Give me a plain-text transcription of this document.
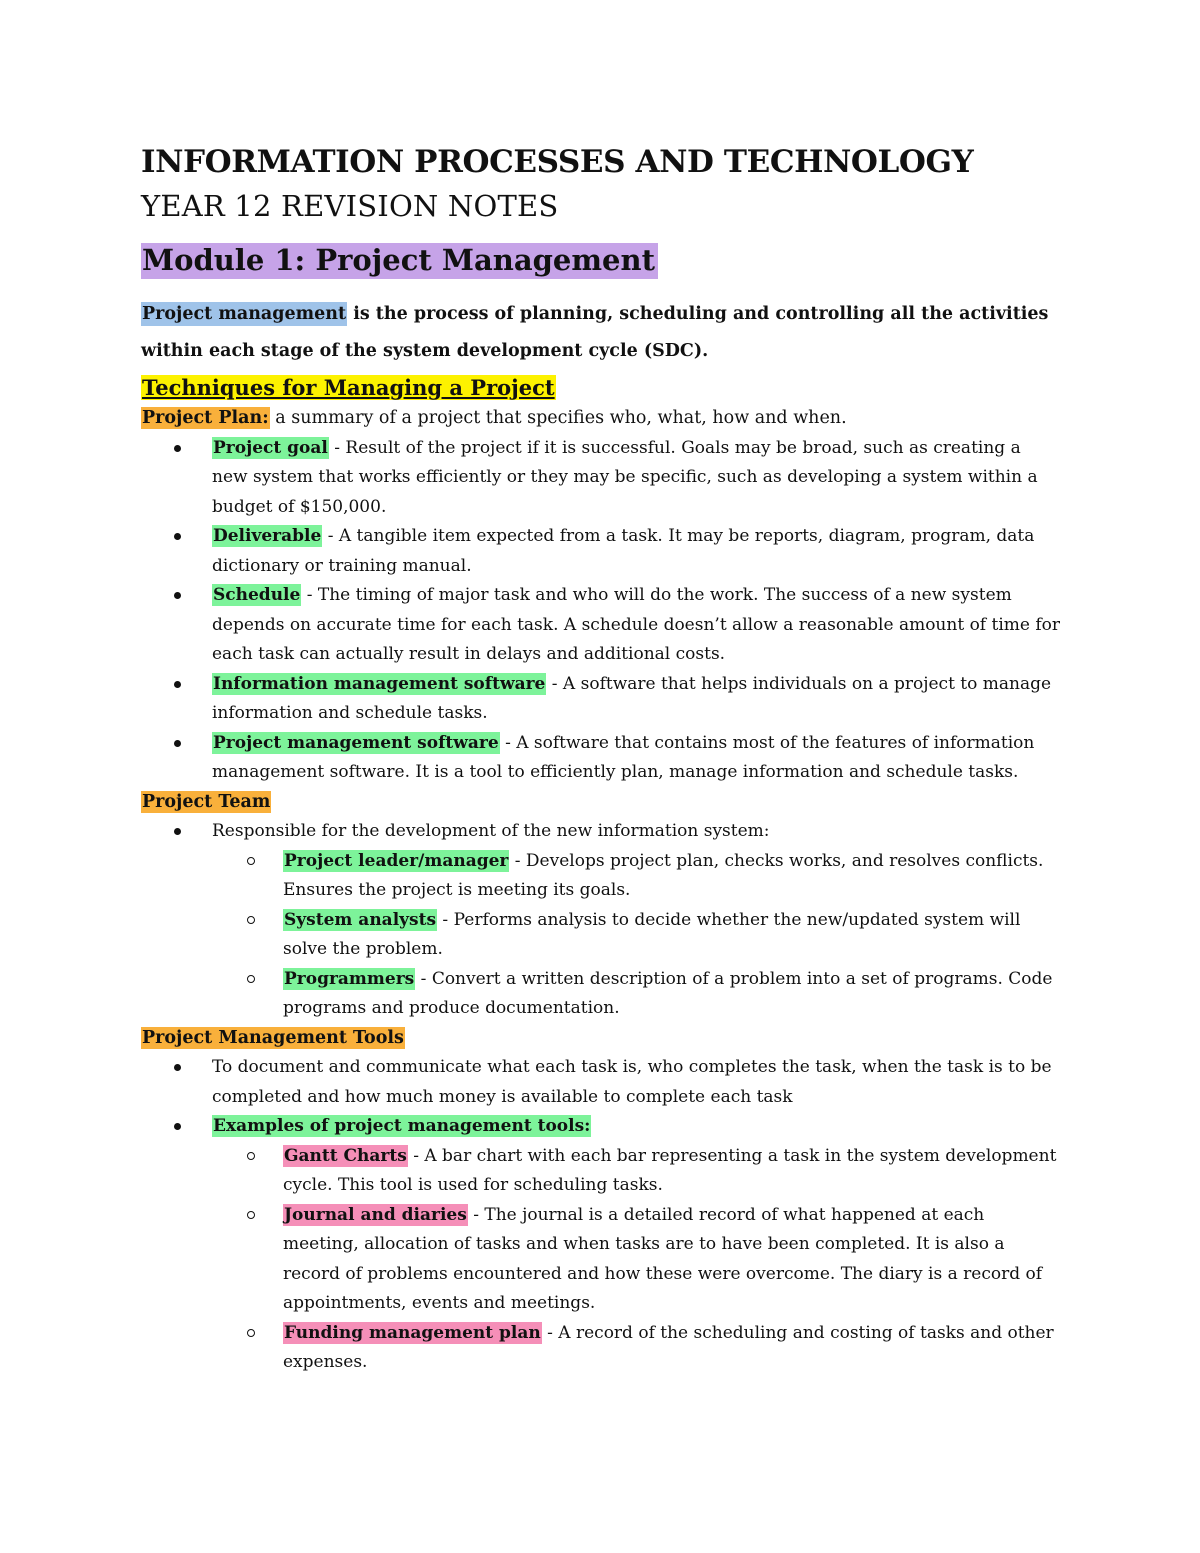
INFORMATION PROCESSES AND TECHNOLOGY
YEAR 12 REVISION NOTES
Module 1: Project Management
Project management is the process of planning, scheduling and controlling all the activities within each stage of the system development cycle (SDC).
Techniques for Managing a Project
Project Plan: a summary of a project that specifies who, what, how and when.
Project goal - Result of the project if it is successful. Goals may be broad, such as creating a new system that works efficiently or they may be specific, such as developing a system within a budget of $150,000.
Deliverable - A tangible item expected from a task. It may be reports, diagram, program, data dictionary or training manual.
Schedule - The timing of major task and who will do the work. The success of a new system depends on accurate time for each task. A schedule doesn’t allow a reasonable amount of time for each task can actually result in delays and additional costs.
Information management software - A software that helps individuals on a project to manage information and schedule tasks.
Project management software - A software that contains most of the features of information management software. It is a tool to efficiently plan, manage information and schedule tasks.
Project Team
Responsible for the development of the new information system:
Project leader/manager - Develops project plan, checks works, and resolves conflicts. Ensures the project is meeting its goals.
System analysts - Performs analysis to decide whether the new/updated system will solve the problem.
Programmers - Convert a written description of a problem into a set of programs. Code programs and produce documentation.
Project Management Tools
To document and communicate what each task is, who completes the task, when the task is to be completed and how much money is available to complete each task
Examples of project management tools:
Gantt Charts - A bar chart with each bar representing a task in the system development cycle. This tool is used for scheduling tasks.
Journal and diaries - The journal is a detailed record of what happened at each meeting, allocation of tasks and when tasks are to have been completed. It is also a record of problems encountered and how these were overcome. The diary is a record of appointments, events and meetings.
Funding management plan - A record of the scheduling and costing of tasks and other expenses.
